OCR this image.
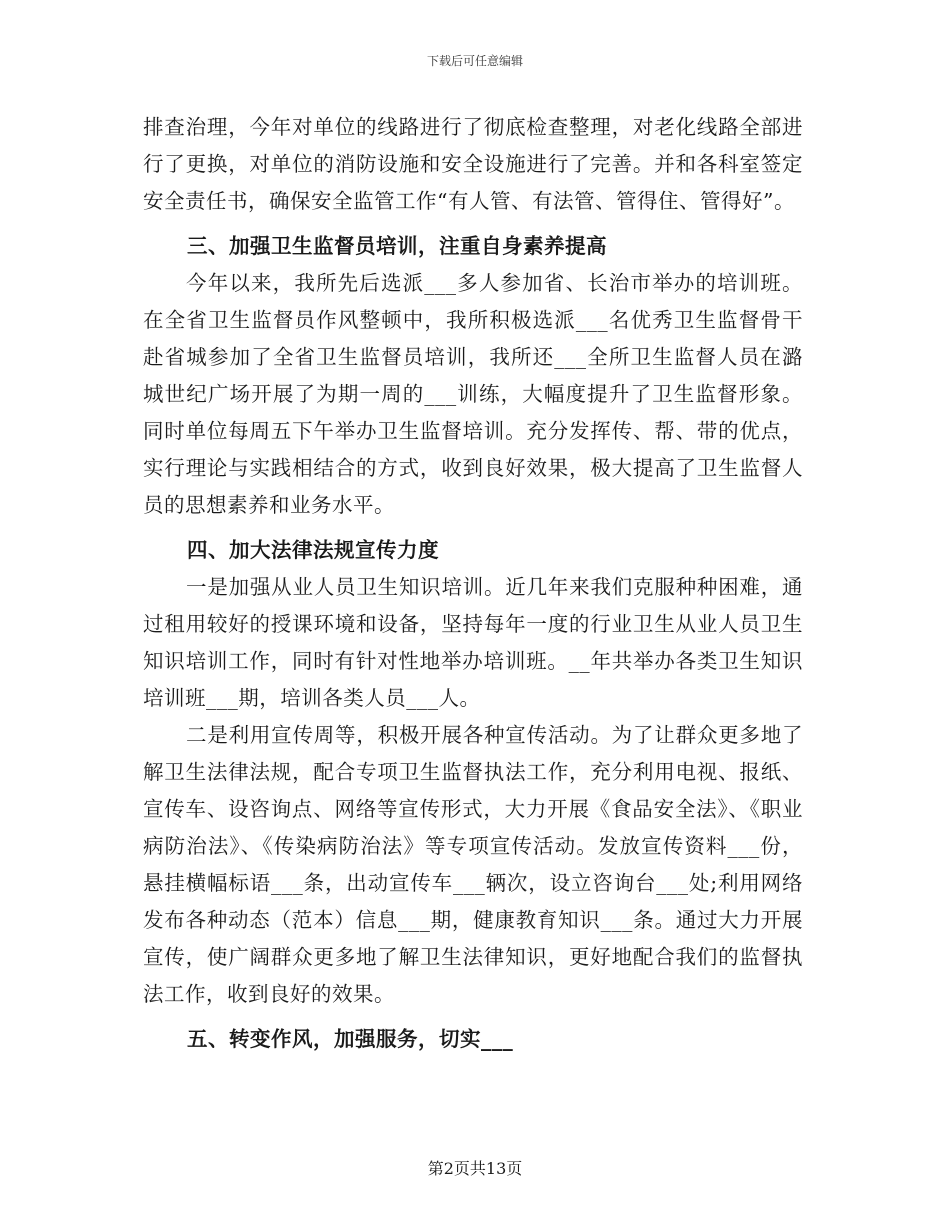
下载后可任意编辑

排查治理，今年对单位的线路进行了彻底检查整理，对老化线路全部进行了更换，对单位的消防设施和安全设施进行了完善。并和各科室签定安全责任书，确保安全监管工作“有人管、有法管、管得住、管得好”。

三、加强卫生监督员培训，注重自身素养提高

今年以来，我所先后选派___多人参加省、长治市举办的培训班。在全省卫生监督员作风整顿中，我所积极选派___名优秀卫生监督骨干赴省城参加了全省卫生监督员培训，我所还___全所卫生监督人员在潞城世纪广场开展了为期一周的___训练，大幅度提升了卫生监督形象。同时单位每周五下午举办卫生监督培训。充分发挥传、帮、带的优点，实行理论与实践相结合的方式，收到良好效果，极大提高了卫生监督人员的思想素养和业务水平。

四、加大法律法规宣传力度

一是加强从业人员卫生知识培训。近几年来我们克服种种困难，通过租用较好的授课环境和设备，坚持每年一度的行业卫生从业人员卫生知识培训工作，同时有针对性地举办培训班。__年共举办各类卫生知识培训班___期，培训各类人员___人。

二是利用宣传周等，积极开展各种宣传活动。为了让群众更多地了解卫生法律法规，配合专项卫生监督执法工作，充分利用电视、报纸、宣传车、设咨询点、网络等宣传形式，大力开展《食品安全法》、《职业病防治法》、《传染病防治法》等专项宣传活动。发放宣传资料___份，悬挂横幅标语___条，出动宣传车___辆次，设立咨询台___处;利用网络发布各种动态（范本）信息___期，健康教育知识___条。通过大力开展宣传，使广阔群众更多地了解卫生法律知识，更好地配合我们的监督执法工作，收到良好的效果。

五、转变作风，加强服务，切实___

第2页共13页
